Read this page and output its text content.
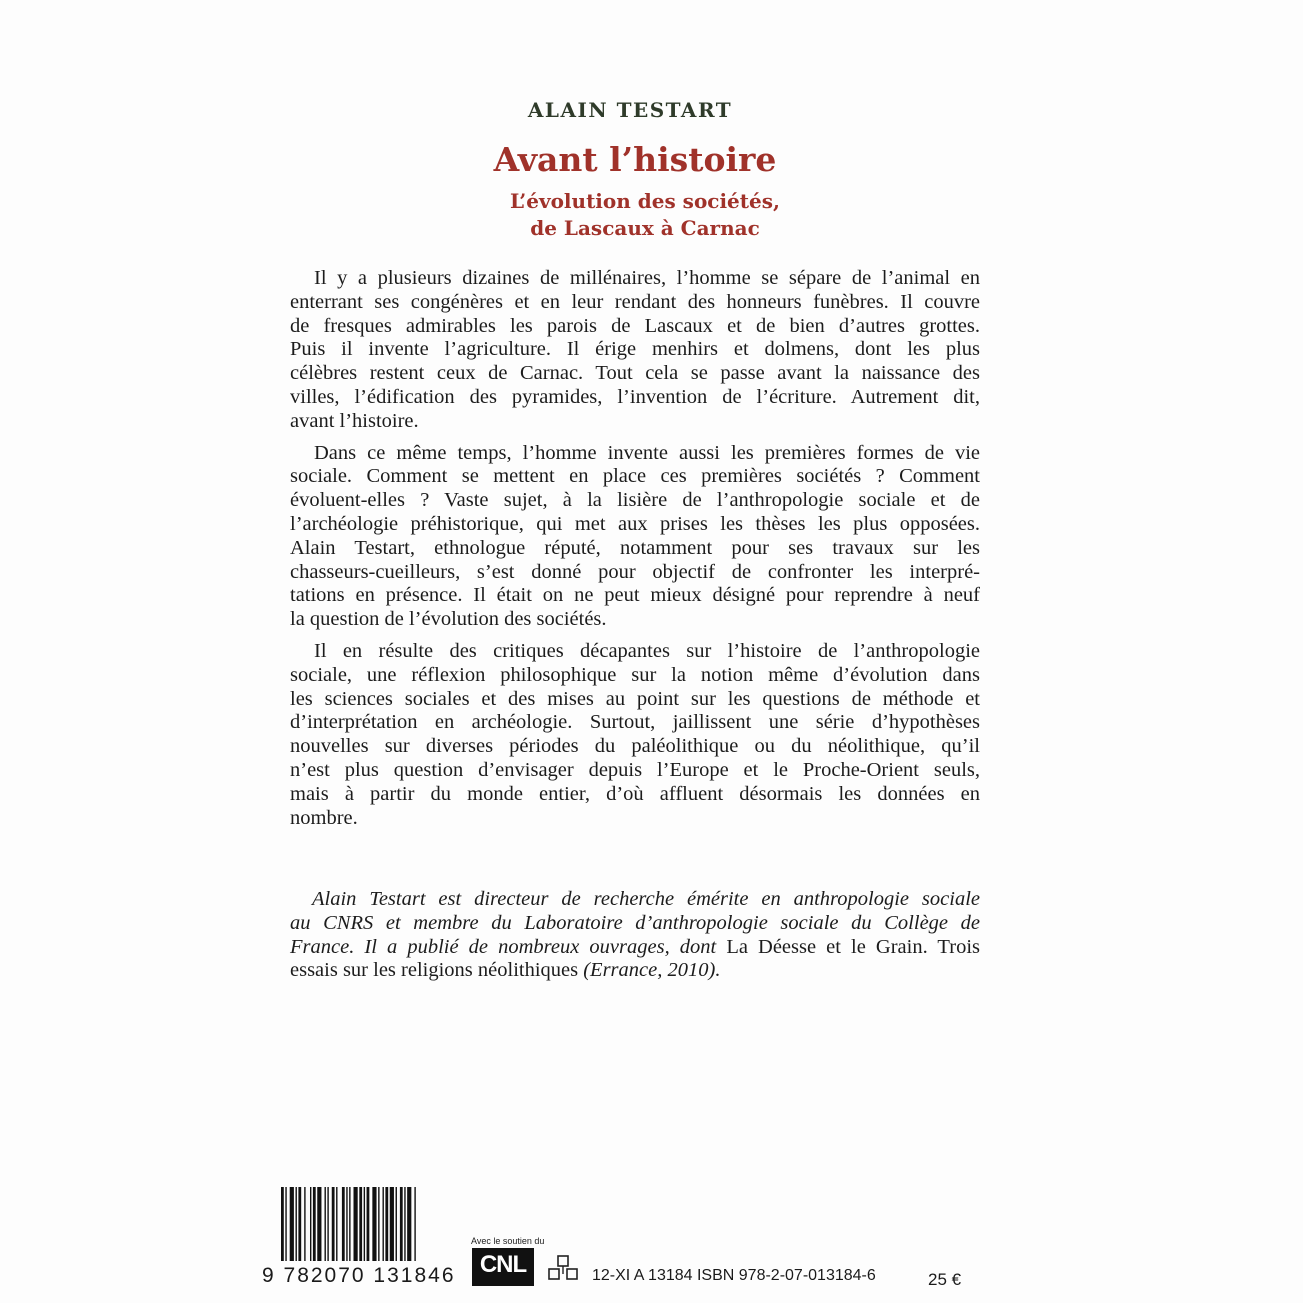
ALAIN TESTART
Avant l’histoire
L’évolution des sociétés,
de Lascaux à Carnac
Il y a plusieurs dizaines de millénaires, l’homme se sépare de l’animal en
enterrant ses congénères et en leur rendant des honneurs funèbres. Il couvre
de fresques admirables les parois de Lascaux et de bien d’autres grottes.
Puis il invente l’agriculture. Il érige menhirs et dolmens, dont les plus
célèbres restent ceux de Carnac. Tout cela se passe avant la naissance des
villes, l’édification des pyramides, l’invention de l’écriture. Autrement dit,
avant l’histoire.
Dans ce même temps, l’homme invente aussi les premières formes de vie
sociale. Comment se mettent en place ces premières sociétés ? Comment
évoluent-elles ? Vaste sujet, à la lisière de l’anthropologie sociale et de
l’archéologie préhistorique, qui met aux prises les thèses les plus opposées.
Alain Testart, ethnologue réputé, notamment pour ses travaux sur les
chasseurs-cueilleurs, s’est donné pour objectif de confronter les interpré-
tations en présence. Il était on ne peut mieux désigné pour reprendre à neuf
la question de l’évolution des sociétés.
Il en résulte des critiques décapantes sur l’histoire de l’anthropologie
sociale, une réflexion philosophique sur la notion même d’évolution dans
les sciences sociales et des mises au point sur les questions de méthode et
d’interprétation en archéologie. Surtout, jaillissent une série d’hypothèses
nouvelles sur diverses périodes du paléolithique ou du néolithique, qu’il
n’est plus question d’envisager depuis l’Europe et le Proche-Orient seuls,
mais à partir du monde entier, d’où affluent désormais les données en
nombre.
Alain Testart est directeur de recherche émérite en anthropologie sociale
au CNRS et membre du Laboratoire d’anthropologie sociale du Collège de
France. Il a publié de nombreux ouvrages, dont La Déesse et le Grain. Trois
essais sur les religions néolithiques (Errance, 2010).
9 782070 131846
Avec le soutien du
CNL	12-XI A 13184 ISBN 978-2-07-013184-6	25 €
